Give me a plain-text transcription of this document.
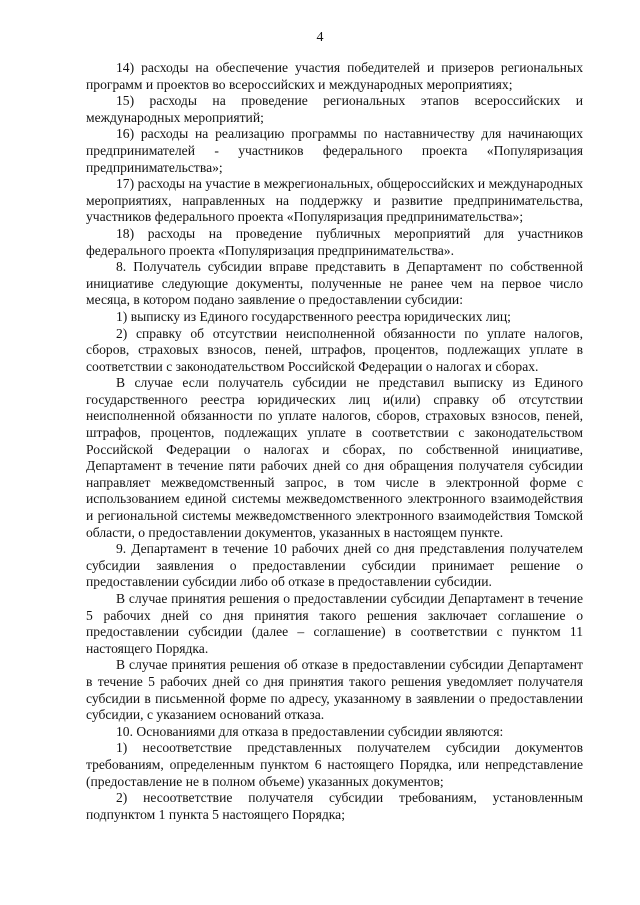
4

14) расходы на обеспечение участия победителей и призеров региональных программ и проектов во всероссийских и международных мероприятиях;

15) расходы на проведение региональных этапов всероссийских и международных мероприятий;

16) расходы на реализацию программы по наставничеству для начинающих предпринимателей - участников федерального проекта «Популяризация предпринимательства»;

17) расходы на участие в межрегиональных, общероссийских и международных мероприятиях, направленных на поддержку и развитие предпринимательства, участников федерального проекта «Популяризация предпринимательства»;

18) расходы на проведение публичных мероприятий для участников федерального проекта «Популяризация предпринимательства».

8. Получатель субсидии вправе представить в Департамент по собственной инициативе следующие документы, полученные не ранее чем на первое число месяца, в котором подано заявление о предоставлении субсидии:

1) выписку из Единого государственного реестра юридических лиц;

2) справку об отсутствии неисполненной обязанности по уплате налогов, сборов, страховых взносов, пеней, штрафов, процентов, подлежащих уплате в соответствии с законодательством Российской Федерации о налогах и сборах.

В случае если получатель субсидии не представил выписку из Единого государственного реестра юридических лиц и(или) справку об отсутствии неисполненной обязанности по уплате налогов, сборов, страховых взносов, пеней, штрафов, процентов, подлежащих уплате в соответствии с законодательством Российской Федерации о налогах и сборах, по собственной инициативе, Департамент в течение пяти рабочих дней со дня обращения получателя субсидии направляет межведомственный запрос, в том числе в электронной форме с использованием единой системы межведомственного электронного взаимодействия и региональной системы межведомственного электронного взаимодействия Томской области, о предоставлении документов, указанных в настоящем пункте.

9. Департамент в течение 10 рабочих дней со дня представления получателем субсидии заявления о предоставлении субсидии принимает решение о предоставлении субсидии либо об отказе в предоставлении субсидии.

В случае принятия решения о предоставлении субсидии Департамент в течение 5 рабочих дней со дня принятия такого решения заключает соглашение о предоставлении субсидии (далее – соглашение) в соответствии с пунктом 11 настоящего Порядка.

В случае принятия решения об отказе в предоставлении субсидии Департамент в течение 5 рабочих дней со дня принятия такого решения уведомляет получателя субсидии в письменной форме по адресу, указанному в заявлении о предоставлении субсидии, с указанием оснований отказа.

10. Основаниями для отказа в предоставлении субсидии являются:

1) несоответствие представленных получателем субсидии документов требованиям, определенным пунктом 6 настоящего Порядка, или непредставление (предоставление не в полном объеме) указанных документов;

2) несоответствие получателя субсидии требованиям, установленным подпунктом 1 пункта 5 настоящего Порядка;
